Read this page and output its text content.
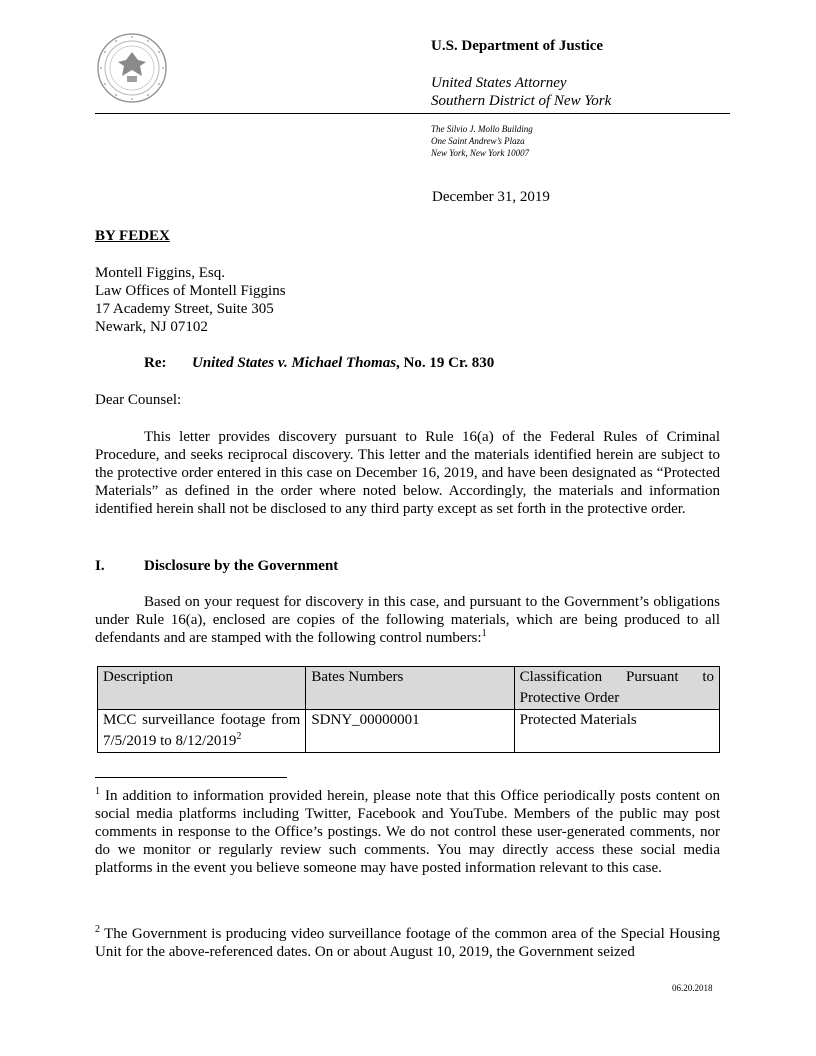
U.S. Department of Justice
United States Attorney
Southern District of New York
The Silvio J. Mollo Building
One Saint Andrew’s Plaza
New York, New York 10007
December 31, 2019
BY FEDEX
Montell Figgins, Esq.
Law Offices of Montell Figgins
17 Academy Street, Suite 305
Newark, NJ 07102
Re: United States v. Michael Thomas, No. 19 Cr. 830
Dear Counsel:
This letter provides discovery pursuant to Rule 16(a) of the Federal Rules of Criminal Procedure, and seeks reciprocal discovery. This letter and the materials identified herein are subject to the protective order entered in this case on December 16, 2019, and have been designated as “Protected Materials” as defined in the order where noted below. Accordingly, the materials and information identified herein shall not be disclosed to any third party except as set forth in the protective order.
I.	Disclosure by the Government
Based on your request for discovery in this case, and pursuant to the Government’s obligations under Rule 16(a), enclosed are copies of the following materials, which are being produced to all defendants and are stamped with the following control numbers:$^1$
Description	Bates Numbers	Classification Pursuant to Protective Order
MCC surveillance footage from 7/5/2019 to 8/12/2019$^2$	SDNY_00000001	Protected Materials
$^1$ In addition to information provided herein, please note that this Office periodically posts content on social media platforms including Twitter, Facebook and YouTube. Members of the public may post comments in response to the Office’s postings. We do not control these user-generated comments, nor do we monitor or regularly review such comments. You may directly access these social media platforms in the event you believe someone may have posted information relevant to this case.
$^2$ The Government is producing video surveillance footage of the common area of the Special Housing Unit for the above-referenced dates. On or about August 10, 2019, the Government seized
06.20.2018
